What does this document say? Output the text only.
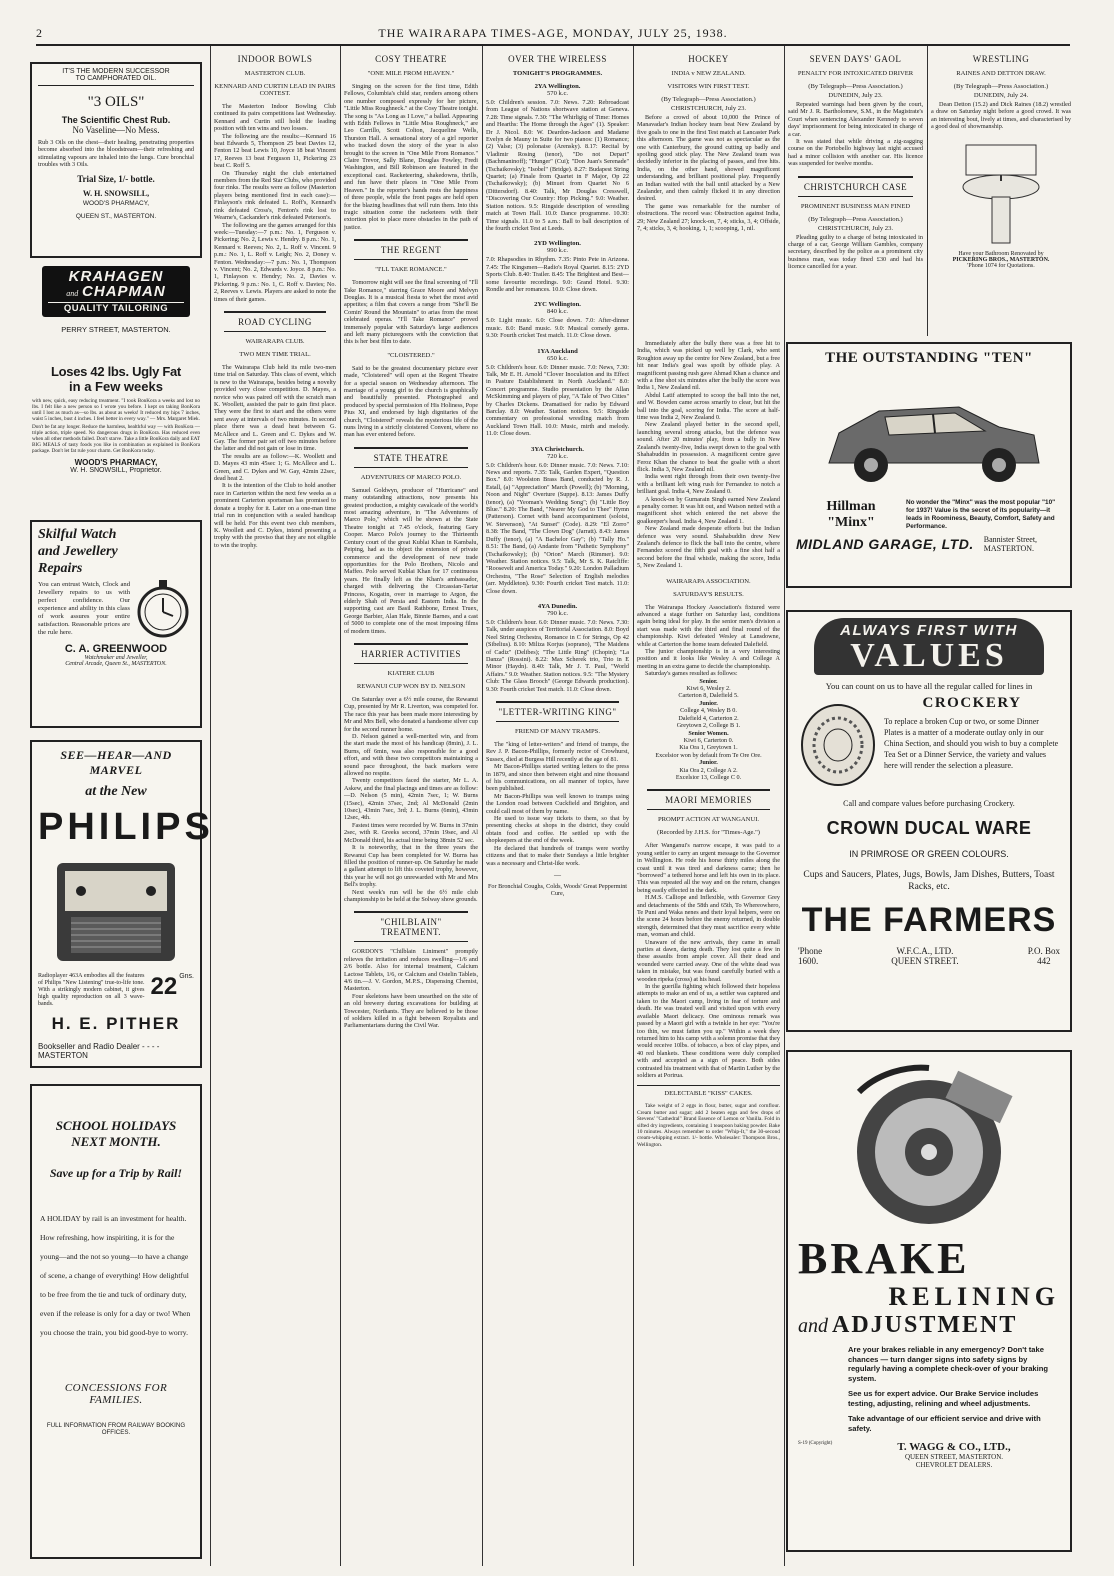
2	THE WAIRARAPA TIMES-AGE, MONDAY, JULY 25, 1938.
IT'S THE MODERN SUCCESSOR
TO CAMPHORATED OIL.
"3 OILS"
The Scientific Chest Rub.
No Vaseline—No Mess.
Rub 3 Oils on the chest—their healing, penetrating properties become absorbed into the bloodstream—their refreshing and stimulating vapours are inhaled into the lungs. Cure bronchial troubles with 3 Oils.
Trial Size, 1/- bottle.
W. H. SNOWSILL,
WOOD'S PHARMACY,
QUEEN ST., MASTERTON.
KRAHAGEN
and CHAPMAN
QUALITY TAILORING
PERRY STREET, MASTERTON.
Loses 42 lbs. Ugly Fat
in a Few weeks
with new, quick, easy reducing treatment. "I took BonKora a weeks and lost no lbs. I felt like a new person so I wrote you before. I kept on taking BonKora until I lost as much as—so lbs. as about as weeks! It reduced my hips 7 inches, waist 5 inches, bust 4 inches. I feel better in every way." — Mrs. Margaret Miek.
Don't be fat any longer. Reduce the harmless, healthful way — with BonKora — triple action, triple speed. No dangerous drugs in BonKora. Has reduced even when all other methods failed. Don't starve. Take a little BonKora daily and EAT BIG MEALS of tasty foods you like in combination as explained in BonKora package. Don't let fat rule your charm. Get BonKora today.
WOOD'S PHARMACY,
W. H. SNOWSILL, Proprietor.
Skilful Watch
and Jewellery
Repairs
You can entrust Watch, Clock and Jewellery repairs to us with perfect confidence. Our experience and ability in this class of work assures your entire satisfaction. Reasonable prices are the rule here.
C. A. GREENWOOD
Watchmaker and Jeweller,
Central Arcade, Queen St., MASTERTON.
SEE—HEAR—AND MARVEL
at the New
PHILIPS
Radioplayer 463A embodies all the features of Philips "New Listening" true-to-life tone. With a strikingly modern cabinet, it gives high quality reproduction on all 3 wave-bands.
22 Gns.
H. E. PITHER
Bookseller and Radio Dealer - - - - MASTERTON
SCHOOL HOLIDAYS NEXT MONTH.
Save up for a Trip by Rail!
A HOLIDAY by rail is an investment for health. How refreshing, how inspiriting, it is for the young—and the not so young—to have a change of scene, a change of everything! How delightful to be free from the tie and tuck of ordinary duty, even if the release is only for a day or two! When you choose the train, you bid good-bye to worry.
CONCESSIONS FOR FAMILIES.
FULL INFORMATION FROM RAILWAY BOOKING OFFICES.
INDOOR BOWLS
MASTERTON CLUB.
KENNARD AND CURTIN LEAD IN PAIRS CONTEST.

The Masterton Indoor Bowling Club continued its pairs competitions last Wednesday. Kennard and Curtin still hold the leading position with ten wins and two losses.

The following are the results:—Kennard 16 beat Edwards 5, Thompson 25 beat Davies 12, Fenton 12 beat Lewis 10, Joyce 18 beat Vincent 17, Reeves 13 beat Ferguson 11, Pickering 23 beat C. Roff 5.

On Thursday night the club entertained members from the Red Star Clubs, who provided four rinks. The results were as follow (Masterton players being mentioned first in each case):—Finlayson's rink defeated L. Roff's, Kennard's rink defeated Cross's, Fenton's rink lost to Wearne's, Cackander's rink defeated Peterson's.

The following are the games arranged for this week:—Tuesday:—7 p.m.: No. 1, Ferguson v. Pickering; No. 2, Lewis v. Hendry. 8 p.m.: No. 1, Kennard v. Reeves; No. 2, L. Roff v. Vincent. 9 p.m.: No. 1, L. Roff v. Leigh; No. 2, Doney v. Fenton. Wednesday:—7 p.m.: No. 1, Thompson v. Vincent; No. 2, Edwards v. Joyce. 8 p.m.: No. 1, Finlayson v. Hendry; No. 2, Davies v. Pickering. 9 p.m.: No. 1, C. Roff v. Davies; No. 2, Reeves v. Lewis. Players are asked to note the times of their games.

ROAD CYCLING
WAIRARAPA CLUB.
TWO MEN TIME TRIAL.

The Wairarapa Club held its mile two-men time trial on Saturday. This class of event, which is new to the Wairarapa, besides being a novelty provided very close competition. D. Mayes, a novice who was paired off with the scratch man K. Woollett, assisted the pair to gain first place. They were the first to start and the others were sent away at intervals of two minutes. In second place there was a dead heat between G. McAllece and L. Green and C. Dykes and W. Gay. The former pair set off two minutes before the latter and did not gain or lose in time.

The results are as follow:—K. Woollett and D. Mayes 43 min 45sec 1; G. McAllece and L. Green, and C. Dykes and W. Gay, 42min 22sec, dead heat 2.

It is the intention of the Club to hold another race in Carterton within the next few weeks as a prominent Carterton sportsman has promised to donate a trophy for it. Later on a one-man time trial run in conjunction with a sealed handicap will be held. For this event two club members, K. Woollett and C. Dykes, intend presenting a trophy with the proviso that they are not eligible to win the trophy.

COSY THEATRE
"ONE MILE FROM HEAVEN."

Singing on the screen for the first time, Edith Fellows, Columbia's child star, renders among others one number composed expressly for her picture, "Little Miss Roughneck." at the Cosy Theatre tonight. The song is "As Long as I Love," a ballad. Appearing with Edith Fellows in "Little Miss Roughneck," are Leo Carrillo, Scott Colton, Jacqueline Wells, Thurston Hall. A sensational story of a girl reporter who tracked down the story of the year is also brought to the screen in "One Mile From Romance." Claire Trevor, Sally Blane, Douglas Fowley, Fredi Washington, and Bill Robinson are featured in the exceptional cast. Racketeering, shakedowns, thrills, and fun have their places in "One Mile From Heaven." In the reporter's hands rests the happiness of three people, while the front pages are held open for the blazing headlines that will ruin them. Into this tragic situation come the racketeers with their extortion plot to place more obstacles in the path of justice.

THE REGENT
"I'LL TAKE ROMANCE."

Tomorrow night will see the final screening of "I'll Take Romance," starring Grace Moore and Melvyn Douglas. It is a musical fiesta to whet the most avid appetites; a film that covers a range from "She'll Be Comin' Round the Mountain" to arias from the most celebrated operas. "I'll Take Romance" proved immensely popular with Saturday's large audiences and left many picturegoers with the conviction that this is her best film to date.

"CLOISTERED."

Said to be the greatest documentary picture ever made, "Cloistered" will open at the Regent Theatre for a special season on Wednesday afternoon. The marriage of a young girl to the church is graphically and beautifully presented. Photographed and produced by special permission of His Holiness, Pope Pius XI, and endorsed by high dignitaries of the church, "Cloistered" reveals the mysterious life of the nuns living in a strictly cloistered Convent, where no man has ever entered before.

STATE THEATRE
ADVENTURES OF MARCO POLO.

Samuel Goldwyn, producer of "Hurricane" and many outstanding attractions, now presents his greatest production, a mighty cavalcade of the world's most amazing adventure, in "The Adventures of Marco Polo," which will be shown at the State Theatre tonight at 7.45 o'clock, featuring Gary Cooper. Marco Polo's journey to the Thirteenth Century court of the great Kublai Khan in Kambalu, Peiping, had as its object the extension of private commerce and the development of new trade opportunities for the Polo Brothers, Nicolo and Maffeo. Polo served Kublai Khan for 17 continuous years. He finally left as the Khan's ambassador, charged with delivering the Circassian-Tartar Princess, Kogatin, over in marriage to Argon, the elderly Shah of Persia and Eastern India. In the supporting cast are Basil Rathbone, Ernest Truex, George Barbier, Alan Hale, Binnie Barnes, and a cast of 5000 to complete one of the most imposing films of modern times.

HARRIER ACTIVITIES
KIATERE CLUB
REWANUI CUP WON BY D. NELSON

On Saturday over a 6½ mile course, the Rewanui Cup, presented by Mr R. Liverton, was competed for. The race this year has been made more interesting by Mr and Mrs Bell, who donated a handsome silver cup for the second runner home.

D. Nelson gained a well-merited win, and from the start made the most of his handicap (8min), J. L. Burns, off 6min, was also responsible for a good effort, and with these two competitors maintaining a sound pace throughout, the back markers were allowed no respite.

Twenty competitors faced the starter, Mr L. A. Askew, and the final placings and times are as follow:—D. Nelson (5 min), 42min 7sec, 1; W. Burns (15sec), 42min 37sec, 2nd; Al McDonald (2min 10sec), 43min 7sec, 3rd; J. L. Burns (6min), 43min 12sec, 4th.

Fastest times were recorded by W. Burns in 37min 2sec, with R. Greeks second, 37min 19sec, and Al McDonald third, his actual time being 38min 52 sec.

It is noteworthy, that in the three years the Rewanui Cup has been completed for W. Burns has filled the position of runner-up. On Saturday he made a gallant attempt to lift this coveted trophy, however, this year he will not go unrewarded with Mr and Mrs Bell's trophy.

Next week's run will be the 6½ mile club championship to be held at the Solway show grounds.

"CHILBLAIN" TREATMENT.

GORDON'S "Chilblain Liniment" promptly relieves the irritation and reduces swelling—1/6 and 2/6 bottle. Also for internal treatment, Calcium Lactose Tablets, 1/6, or Calcium and Ostelin Tablets, 4/6 tin.—J. V. Gordon, M.P.S., Dispensing Chemist, Masterton.

Four skeletons have been unearthed on the site of an old brewery during excavations for building at Towcester, Northants. They are believed to be those of soldiers killed in a fight between Royalists and Parliamentarians during the Civil War.

OVER THE WIRELESS
TONIGHT'S PROGRAMMES.
2YA Wellington.
570 k.c.
5.0: Children's session. 7.0: News. 7.20: Rebroadcast from League of Nations shortwave station at Geneva. 7.28: Time signals. 7.30: "The Whirligig of Time: Homes and Hearths: The Home through the Ages" (1). Speaker: Dr J. Nicol. 8.0: W. Deardon-Jackson and Madame Evelyn de Mauny in Suite for two pianos: (1) Romance; (2) Valse; (3) polonaise (Arensky). 8.17: Recital by Vladimir Rosing (tenor), "Do not Depart" (Bachmaninoff); "Hunger" (Cui); "Don Juan's Serenade" (Tschaikovsky); "Isobel" (Bridge). 8.27: Budapest String Quartet; (a) Finale from Quartet in F Major, Op 22 (Tschaikowsky); (b) Minuet from Quartet No 6 (Dittersdorf). 8.40: Talk, Mr Douglas Cresswell, "Discovering Our Country: Hop Picking." 9.0: Weather. Station notices. 9.5: Ringside description of wrestling match at Town Hall. 10.0: Dance programme. 10.30: Time signals. 11.0 to 5 a.m.: Ball to ball description of the fourth cricket Test at Leeds.
2YD Wellington.
990 k.c.
7.0: Rhapsodies in Rhythm. 7.35: Pinto Pete in Arizona. 7.45: The Kingsmen—Radio's Royal Quartet. 8.15: 2YD Sports Club. 8.40: Trailer. 8.45: The Brightest and Best—some favourite recordings. 9.0: Grand Hotel. 9.30: Rondle and her romances. 10.0: Close down.
2YC Wellington.
840 k.c.
5.0: Light music. 6.0: Close down. 7.0: After-dinner music. 8.0: Band music. 9.0: Musical comedy gems. 9.30: Fourth cricket Test match. 11.0: Close down.
1YA Auckland
650 k.c.
5.0: Children's hour. 6.0: Dinner music. 7.0: News, 7.30: Talk, Mr E. H. Arnold "Clover Inoculation and its Effect in Pasture Establishment in North Auckland." 8.0: Concert programme. Studio presentation by the Allan McSkimming and players of play, "A Tale of Two Cities" by Charles Dickens. Dramatised for radio by Edward Barclay. 8.0: Weather. Station notices. 9.5: Ringside commentary on professional wrestling match from Auckland Town Hall. 10.0: Music, mirth and melody. 11.0: Close down.
3YA Christchurch.
720 k.c.
5.0: Children's hour. 6.0: Dinner music. 7.0: News. 7.10: News and reports. 7.35: Talk, Garden Expert, "Question Box." 8.0: Woolston Brass Band, conducted by R. J. Estall, (a) "Appreciation" March (Powell); (b) "Morning, Noon and Night" Overture (Suppe). 8.13: James Duffy (tenor), (a) "Yeoman's Wedding Song"; (b) "Little Boy Blue." 8.20: The Band, "Nearer My God to Thee" Hymn (Patterson). Cornet with band accompaniment (soloist, W. Stevenson), "At Sunset" (Code). 8.29: "El Zorro" 8.38: The Band, "The Clown Dog" (Jarratt). 8.43: James Duffy (tenor), (a) "A Bachelor Gay"; (b) "Tally Ho." 8.51: The Band, (a) Andante from "Pathetic Symphony" (Tschaikowsky); (b) "Orion" March (Rimmer). 9.0: Weather. Station notices. 9.5: Talk, Mr S. K. Ratcliffe: "Roosevelt and America Today." 9.20: London Palladium Orchestra, "The Rose" Selection of English melodies (arr. Myddleton). 9.30: Fourth cricket Test match. 11.0: Close down.
4YA Dunedin.
790 k.c.
5.0: Children's hour. 6.0: Dinner music. 7.0: News. 7.30: Talk, under auspices of Territorial Association. 8.0: Boyd Neel String Orchestra, Romance in C for Strings, Op 42 (Sibelius). 8.10: Miliza Korjus (soprano), "The Maidens of Cadiz" (Delibes); "The Little Ring" (Chopin); "La Danza" (Rossini). 8.22: Max Scherek trio, Trio in E Minor (Haydn). 8.40: Talk, Mr J. T. Paul, "World Affairs." 9.0: Weather. Station notices. 9.5: "The Mystery Club: The Glass Brooch" (George Edwards production). 9.30: Fourth cricket Test match. 11.0: Close down.
"LETTER-WRITING KING"
FRIEND OF MANY TRAMPS.

The "king of letter-writers" and friend of tramps, the Rev J. P. Bacon-Phillips, formerly rector of Crowhurst, Sussex, died at Burgess Hill recently at the age of 81.

Mr Bacon-Phillips started writing letters to the press in 1879, and since then between eight and nine thousand of his communications, on all manner of topics, have been published.

Mr Bacon-Phillips was well known to tramps using the London road between Cuckfield and Brighton, and could call most of them by name.

He used to issue way tickets to them, so that by presenting checks at shops in the district, they could obtain food and coffee. He settled up with the shopkeepers at the end of the week.

He declared that hundreds of tramps were worthy citizens and that to make their Sundays a little brighter was a necessary and Christ-like work.

—
For Bronchial Coughs, Colds, Woods' Great Peppermint Cure,
HOCKEY
INDIA v NEW ZEALAND.
VISITORS WIN FIRST TEST.
(By Telegraph—Press Association.)
CHRISTCHURCH, July 23.

Before a crowd of about 10,000 the Prince of Manavadar's Indian hockey team beat New Zealand by five goals to one in the first Test match at Lancaster Park this afternoon. The game was not as spectacular as the one with Canterbury, the ground cutting up badly and spoiling good stick play. The New Zealand team was decidedly inferior in the placing of passes, and free hits. India, on the other hand, showed magnificent understanding, and brilliant positional play. Frequently an Indian waited with the ball until attacked by a New Zealander, and then calmly flicked it in any direction desired.

The game was remarkable for the number of obstructions. The record was: Obstruction against India, 29; New Zealand 27; knock-on, 7, 4; sticks, 3, 4; Offside, 7, 4; sticks, 3, 4; hooking, 1, 1; scooping, 1, nil.

SEVEN DAYS' GAOL
PENALTY FOR INTOXICATED DRIVER
(By Telegraph—Press Association.)
DUNEDIN, July 23.

Repeated warnings had been given by the court, said Mr J. R. Bartholomew, S.M., in the Magistrate's Court when sentencing Alexander Kennedy to seven days' imprisonment for being intoxicated in charge of a car.

It was stated that while driving a zig-zagging course on the Portobello highway last night accused had a minor collision with another car. His licence was suspended for twelve months.

CHRISTCHURCH CASE
PROMINENT BUSINESS MAN FINED
(By Telegraph—Press Association.)
CHRISTCHURCH, July 23.

Pleading guilty to a charge of being intoxicated in charge of a car, George William Gambles, company secretary, described by the police as a prominent city business man, was today fined £30 and had his licence cancelled for a year.

WRESTLING
RAINES AND DETTON DRAW.
(By Telegraph—Press Association.)
DUNEDIN, July 24.

Dean Detton (15.2) and Dick Raines (18.2) wrestled a draw on Saturday night before a good crowd. It was an interesting bout, lively at times, and characterised by a good deal of showmanship.

Have your Bathroom Renovated by
PICKERING BROS., MASTERTON.
'Phone 1074 for Quotations.
THE OUTSTANDING "TEN"
Hillman
"Minx"
No wonder the "Minx" was the most popular "10" for 1937! Value is the secret of its popularity—it leads in Roominess, Beauty, Comfort, Safety and Performance.
MIDLAND GARAGE, LTD. Bannister Street,
MASTERTON.

Immediately after the bully there was a free hit to India, which was picked up well by Clark, who sent Roughton away up the centre for New Zealand, but a free hit near India's goal was spoilt by offside play. A magnificent passing rush gave Ahmad Khan a chance and with a fine shot six minutes after the bully the score was India 1, New Zealand nil.

Abdul Latif attempted to scoop the ball into the net, and W. Bowden came across smartly to clear, but hit the ball into the goal, scoring for India. The score at half-time was India 2, New Zealand 0.

New Zealand played better in the second spell, launching several strong attacks, but the defence was sound. After 20 minutes' play, from a bully in New Zealand's twenty-five, India swept down to the goal with Shahabuddin in possession. A magnificent centre gave Feroz Khan the chance to beat the goalie with a short flick. India 3, New Zealand nil.

India went right through from their own twenty-five with a brilliant left wing rush for Fernandez to notch a brilliant goal. India 4, New Zealand 0.

A knock-on by Gurnarain Singh earned New Zealand a penalty corner. It was hit out, and Watson netted with a magnificent shot which entered the net above the goalkeeper's head. India 4, New Zealand 1.

New Zealand made desperate efforts but the Indian defence was very sound. Shahabuddin drew New Zealand's defence to flick the ball into the centre, where Fernandez scored the fifth goal with a fine shot half a second before the final whistle, making the score, India 5, New Zealand 1.

WAIRARAPA ASSOCIATION.
SATURDAY'S RESULTS.

The Wairarapa Hockey Association's fixtured were advanced a stage further on Saturday last, conditions again being ideal for play. In the senior men's division a start was made with the third and final round of the championship. Kiwi defeated Wesley at Lansdowne, while at Carterton the home team defeated Dalefield.

The junior championship is in a very interesting position and it looks like Wesley A and College A meeting in an extra game to decide the championship.

Saturday's games resulted as follows:

Senior.
Kiwi 6, Wesley 2.
Carterton 8, Dalefield 5.
Junior.
College 4, Wesley B 0.
Dalefield 4, Carterton 2.
Greytown 2, College B 1.
Senior Women.
Kiwi 6, Carterton 0.
Kia Ora 1, Greytown 1.
Excelsior won by default from Te Ore Ore.
Junior.
Kia Ora 2, College A 2.
Excelsior 13, College C 0.
MAORI MEMORIES
PROMPT ACTION AT WANGANUI.
(Recorded by J.H.S. for "Times-Age.")

After Wanganui's narrow escape, it was paid to a young settler to carry an urgent message to the Governor in Wellington. He rode his horse thirty miles along the coast until it was tired and darkness came; then he "borrowed" a tethered horse and left his own in its place. This was repeated all the way and on the return, changes being easily effected in the dark.

H.M.S. Calliope and Inflexible, with Governor Grey and detachments of the 58th and 65th, To Whereowhero, Te Puni and Waka nenes and their loyal helpers, were on the scene 24 hours before the enemy returned, in double strength, determined that they must sacrifice every white man, woman and child.

Unaware of the new arrivals, they came in small parties at dawn, daring death. They lost quite a few in these assaults from ample cover. All their dead and wounded were carried away. One of the white dead was taken in mistake, but was found carefully buried with a wooden ripeka (cross) at his head.

In the guerilla fighting which followed their hopeless attempts to make an end of us, a settler was captured and taken to the Maori camp, living in fear of torture and death. He was treated well and visited upon with every available Maori delicacy. One ominous remark was passed by a Maori girl with a twinkle in her eye: "You're too thin, we must fatten you up." Within a week they returned him to his camp with a solemn promise that they would receive 10lbs. of tobacco, a box of clay pipes, and 40 red blankets. These conditions were duly complied with and accepted as a sign of peace. Both sides contrasted his treatment with that of Martin Luther by the soldiers at Porirua.

DELECTABLE "KISS" CAKES.

Take weight of 2 eggs in flour, butter, sugar and cornflour. Cream butter and sugar; add 2 beaten eggs and few drops of Stevens' "Cathedral" Brand Essence of Lemon or Vanilla. Fold in sifted dry ingredients, containing 1 teaspoon baking powder. Bake 10 minutes. Always remember to order "Whip-It," the 30-second cream-whipping extract. 1/- bottle. Wholesaler: Thompson Bros., Wellington.

ALWAYS FIRST WITH
VALUES
You can count on us to have all the regular called for lines in
CROCKERY
To replace a broken Cup or two, or some Dinner Plates is a matter of a moderate outlay only in our China Section, and should you wish to buy a complete Tea Set or a Dinner Service, the variety and values here will render the selection a pleasure.
Call and compare values before purchasing Crockery.
CROWN DUCAL WARE
IN PRIMROSE OR GREEN COLOURS.
Cups and Saucers, Plates, Jugs, Bowls, Jam Dishes, Butters, Toast Racks, etc.
THE FARMERS
'Phone
1600.
W.F.C.A., LTD.
QUEEN STREET.
P.O. Box
442
BRAKE
RELINING
and ADJUSTMENT
Are your brakes reliable in any emergency? Don't take chances — turn danger signs into safety signs by regularly having a complete check-over of your braking system.
See us for expert advice. Our Brake Service includes testing, adjusting, relining and wheel adjustments.
Take advantage of our efficient service and drive with safety.
S-19 (Copyright)	T. WAGG & CO., LTD.,
QUEEN STREET, MASTERTON.
CHEVROLET DEALERS.
